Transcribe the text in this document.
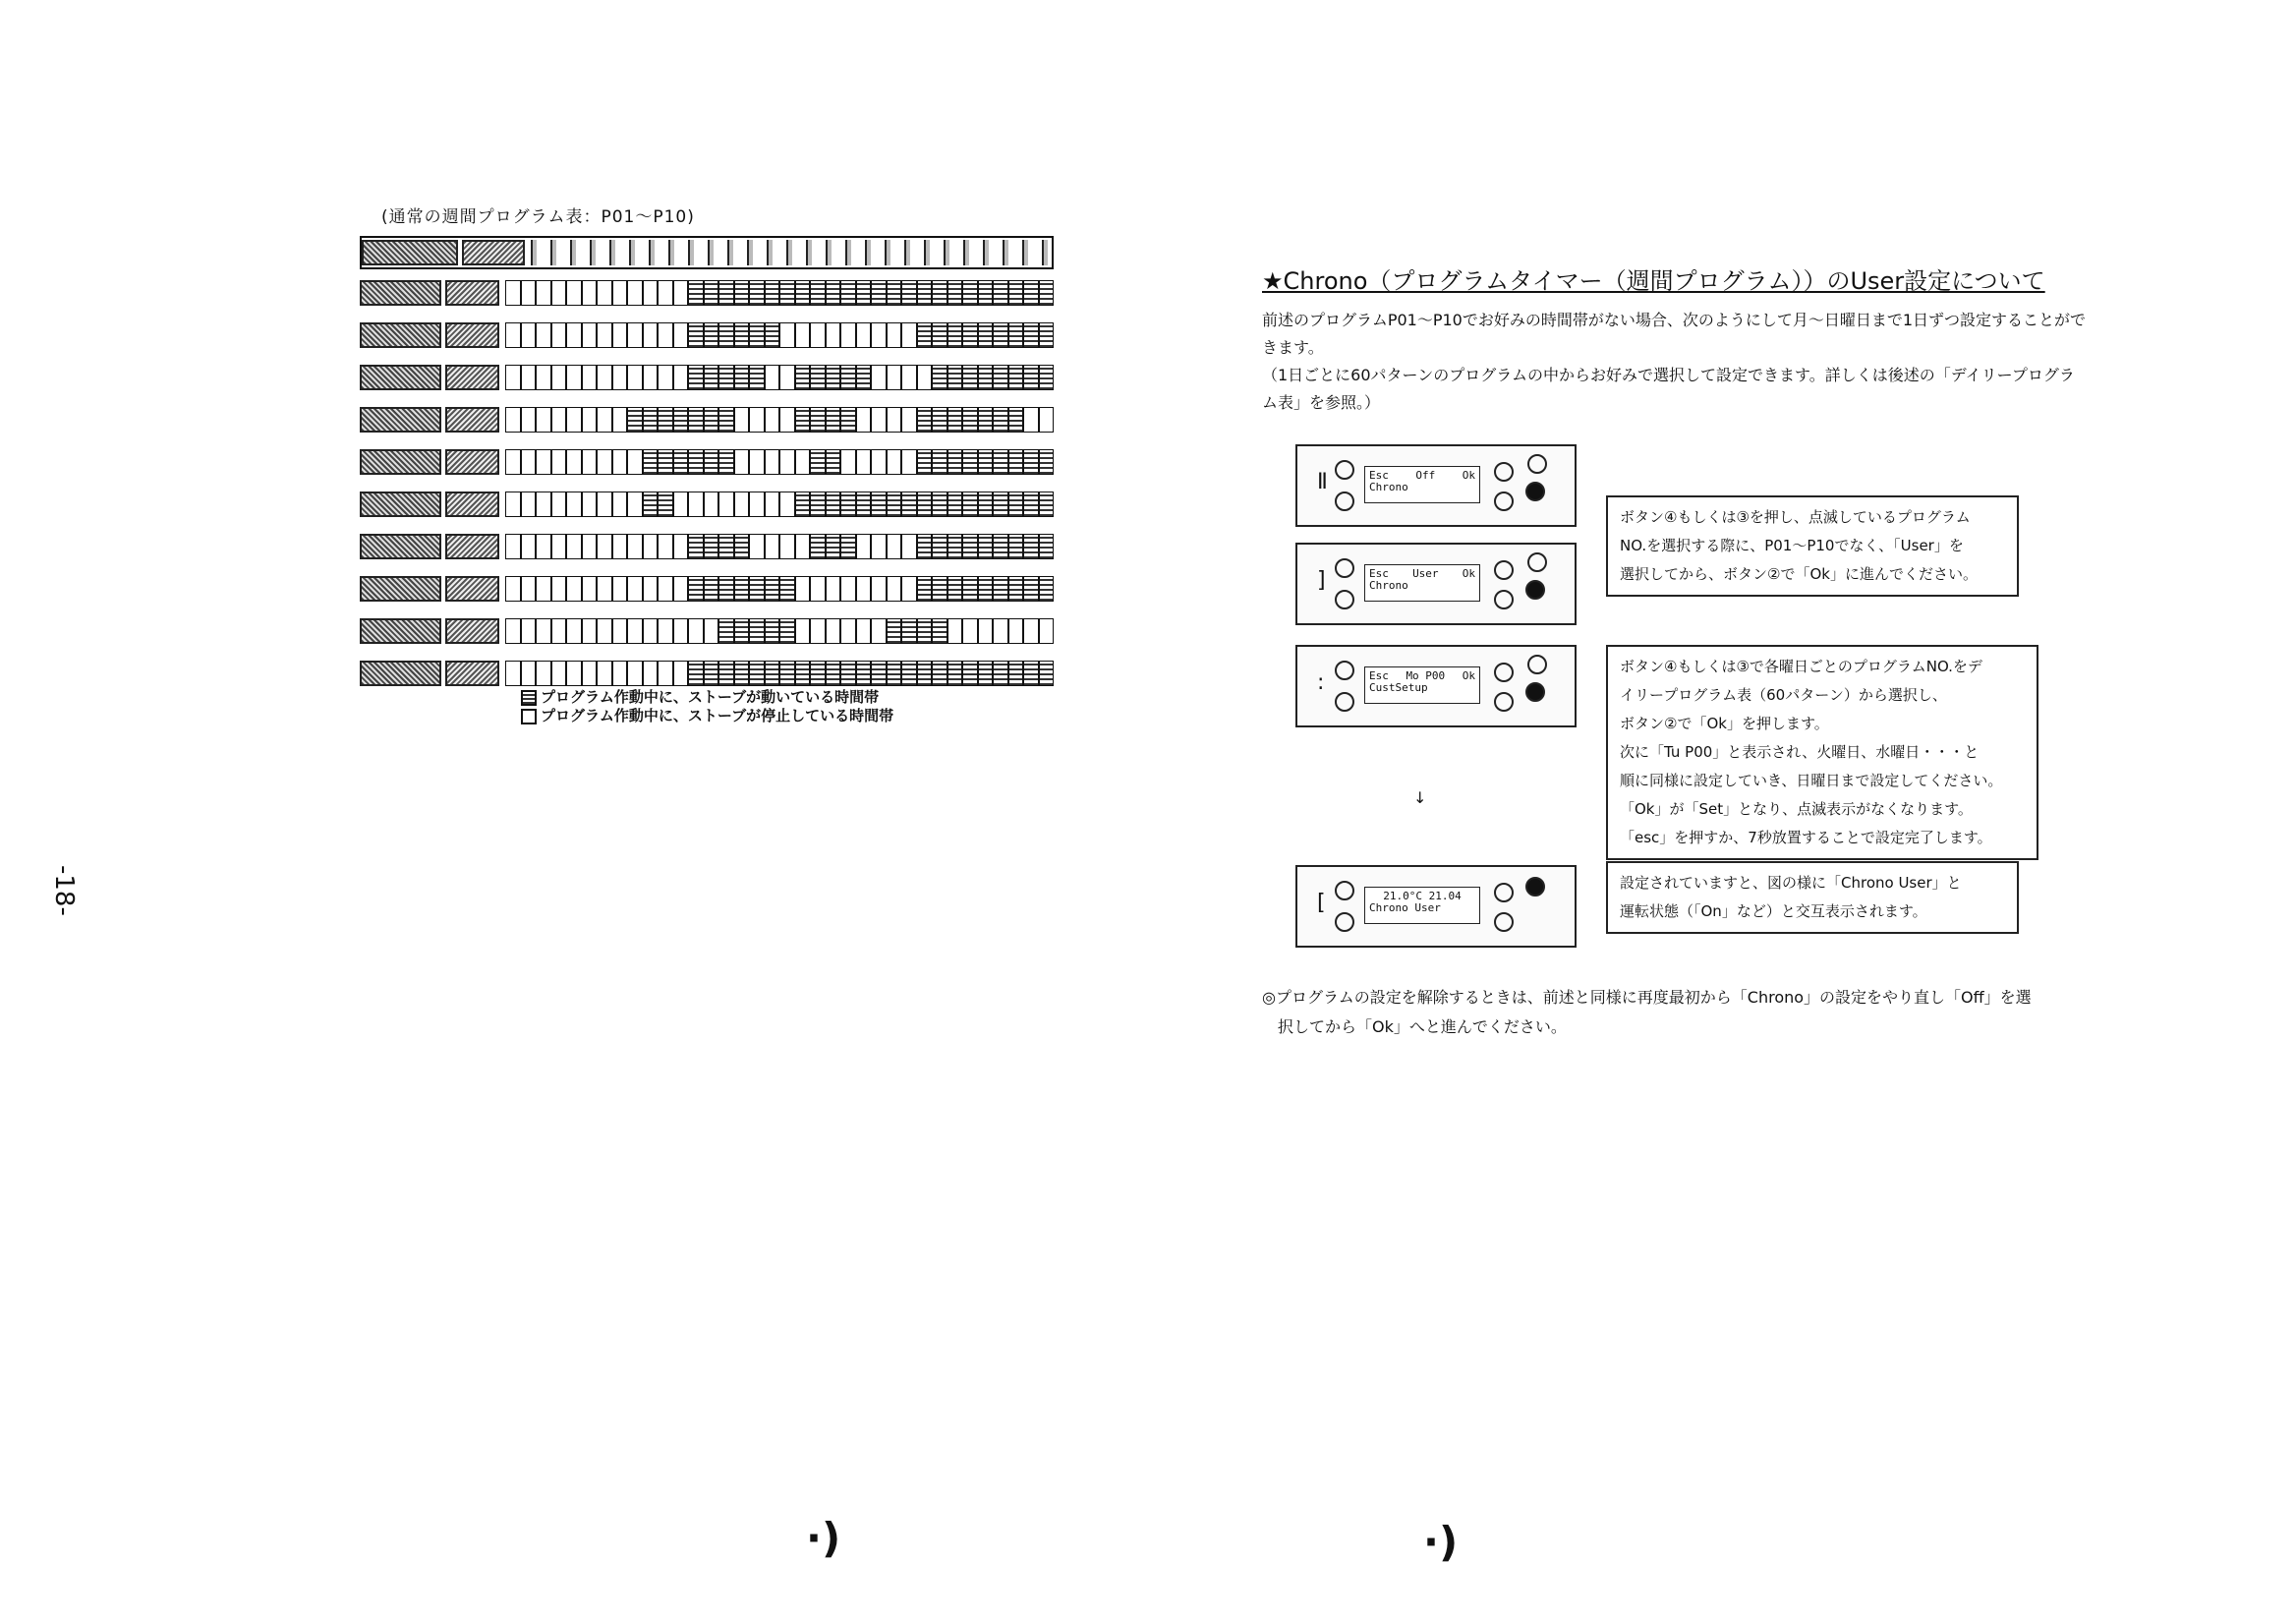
(通常の週間プログラム表：P01〜P10)
プログラム作動中に、ストーブが動いている時間帯
プログラム作動中に、ストーブが停止している時間帯
-18-
★Chrono（プログラムタイマー（週間プログラム））のUser設定について
前述のプログラムP01〜P10でお好みの時間帯がない場合、次のようにして月〜日曜日まで1日ずつ設定することができます。
（1日ごとに60パターンのプログラムの中からお好みで選択して設定できます。詳しくは後述の「デイリープログラム表」を参照。）
Ⅱ	Esc	Off	Ok
Chrono
]	Esc User Ok
Chrono
:	Esc Mo P00 Ok
CustSetup
[	21.0°C 21.04
Chrono User
ボタン④もしくは③を押し、点滅しているプログラム
NO.を選択する際に、P01〜P10でなく、「User」を
選択してから、ボタン②で「Ok」に進んでください。
ボタン④もしくは③で各曜日ごとのプログラムNO.をデ
イリープログラム表（60パターン）から選択し、
ボタン②で「Ok」を押します。
次に「Tu P00」と表示され、火曜日、水曜日・・・と
順に同様に設定していき、日曜日まで設定してください。
「Ok」が「Set」となり、点滅表示がなくなります。
「esc」を押すか、7秒放置することで設定完了します。
設定されていますと、図の様に「Chrono User」と
運転状態（「On」など）と交互表示されます。
↓
◎プログラムの設定を解除するときは、前述と同様に再度最初から「Chrono」の設定をやり直し「Off」を選
択してから「Ok」へと進んでください。
·)	·)
